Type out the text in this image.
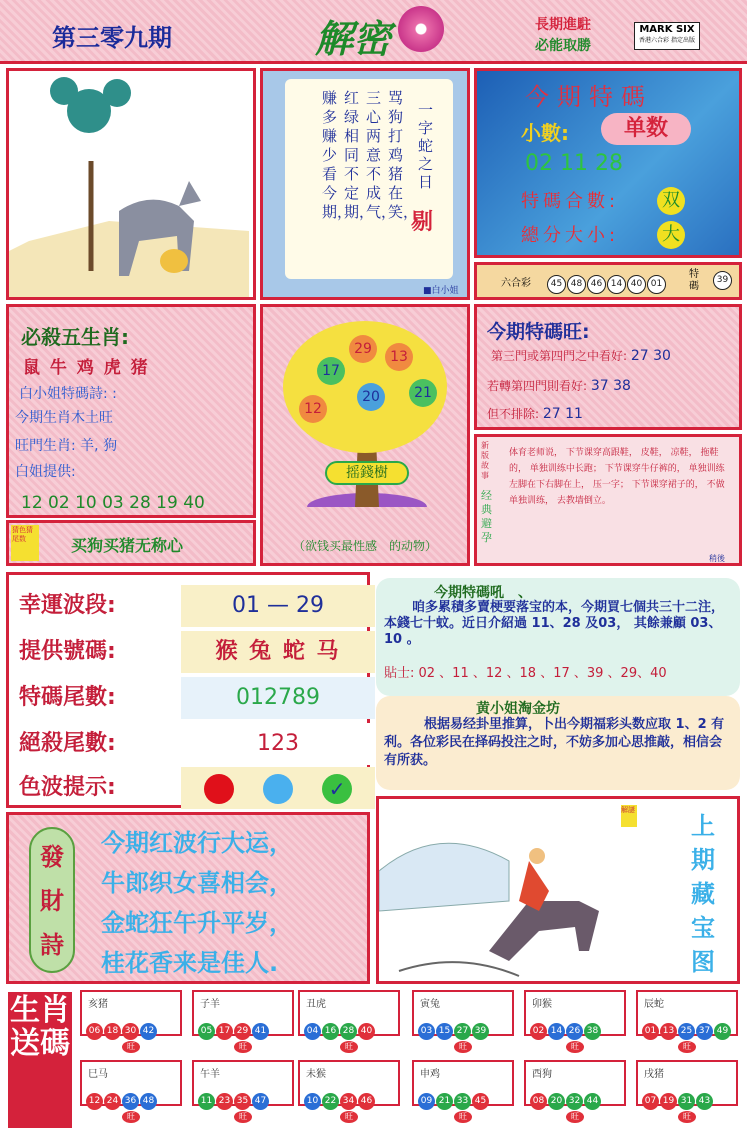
第三零九期	解密	長期進駐
必能取勝
MARK SIX
香港六合彩 指定出版
一字蛇之日
剔
骂狗打鸡猪在笑，
三心两意不成气，
红绿相同不定期，
赚多赚少看今期，
■白小姐
今期特碼
小數:	单数
02 11 28
特碼合數: 双
總分大小: 大
六合彩	45 48 46 14 40 01
特碼
39
必殺五生肖:
鼠 牛 鸡 虎 猪
白小姐特碼詩: :
今期生肖木土旺
旺門生肖: 羊, 狗
白姐提供:
12 02 10 03 28 19 40
猜色猜尾数	买狗买猪无称心
29	13
17
21
12
20
摇錢樹
（欲钱买最性感　的动物）
今期特碼旺:
第三門或第四門之中看好: 27 30
若轉第四門則看好: 37 38
但不排除: 27 11
新版故事
经典避孕
体育老师说， 下节课穿高跟鞋， 皮鞋， 凉鞋， 拖鞋的， 单独训练中长跑； 下节课穿牛仔裤的， 单独训练左脚在下右脚在上， 压一字； 下节课穿裙子的， 不做单独训练， 去教墙倒立。
稍後
幸運波段:	01 — 29
提供號碼:	猴 兔 蛇 马
特碼尾數:	012789
絕殺尾數:	123
色波提示:	✓
今期特碼吼　、
咱多累積多賣梗要落宝的本，今期買七個共三十二注，本錢七十蚊。近日介紹過 11、28 及03， 其餘兼顧 03、10 。
貼士: 02 、11 、12 、18 、17 、39 、29、40
黄小姐淘金坊
根据易经卦里推算，卜出今期福彩头数应取 1、2 有利。各位彩民在择码投注之时，不妨多加心思推敲，相信会有所获。
發財詩
今期红波行大运，
牛郎织女喜相会，
金蛇狂午升平岁，
桂花香来是佳人.
解謎
上期藏宝图
生肖送碼
亥猪
06 18 30 42
子羊
05 17 29 41
丑虎
04 16 28 40
寅兔
03 15 27 39
卯猴
02 14 26 38
辰蛇
01 13 25 37 49
巳马
12 24 36 48
午羊
11 23 35 47
未猴
10 22 34 46
申鸡
09 21 33 45
酉狗
08 20 32 44
戌猪
07 19 31 43
旺	旺	旺	旺	旺	旺
旺	旺	旺	旺	旺	旺
